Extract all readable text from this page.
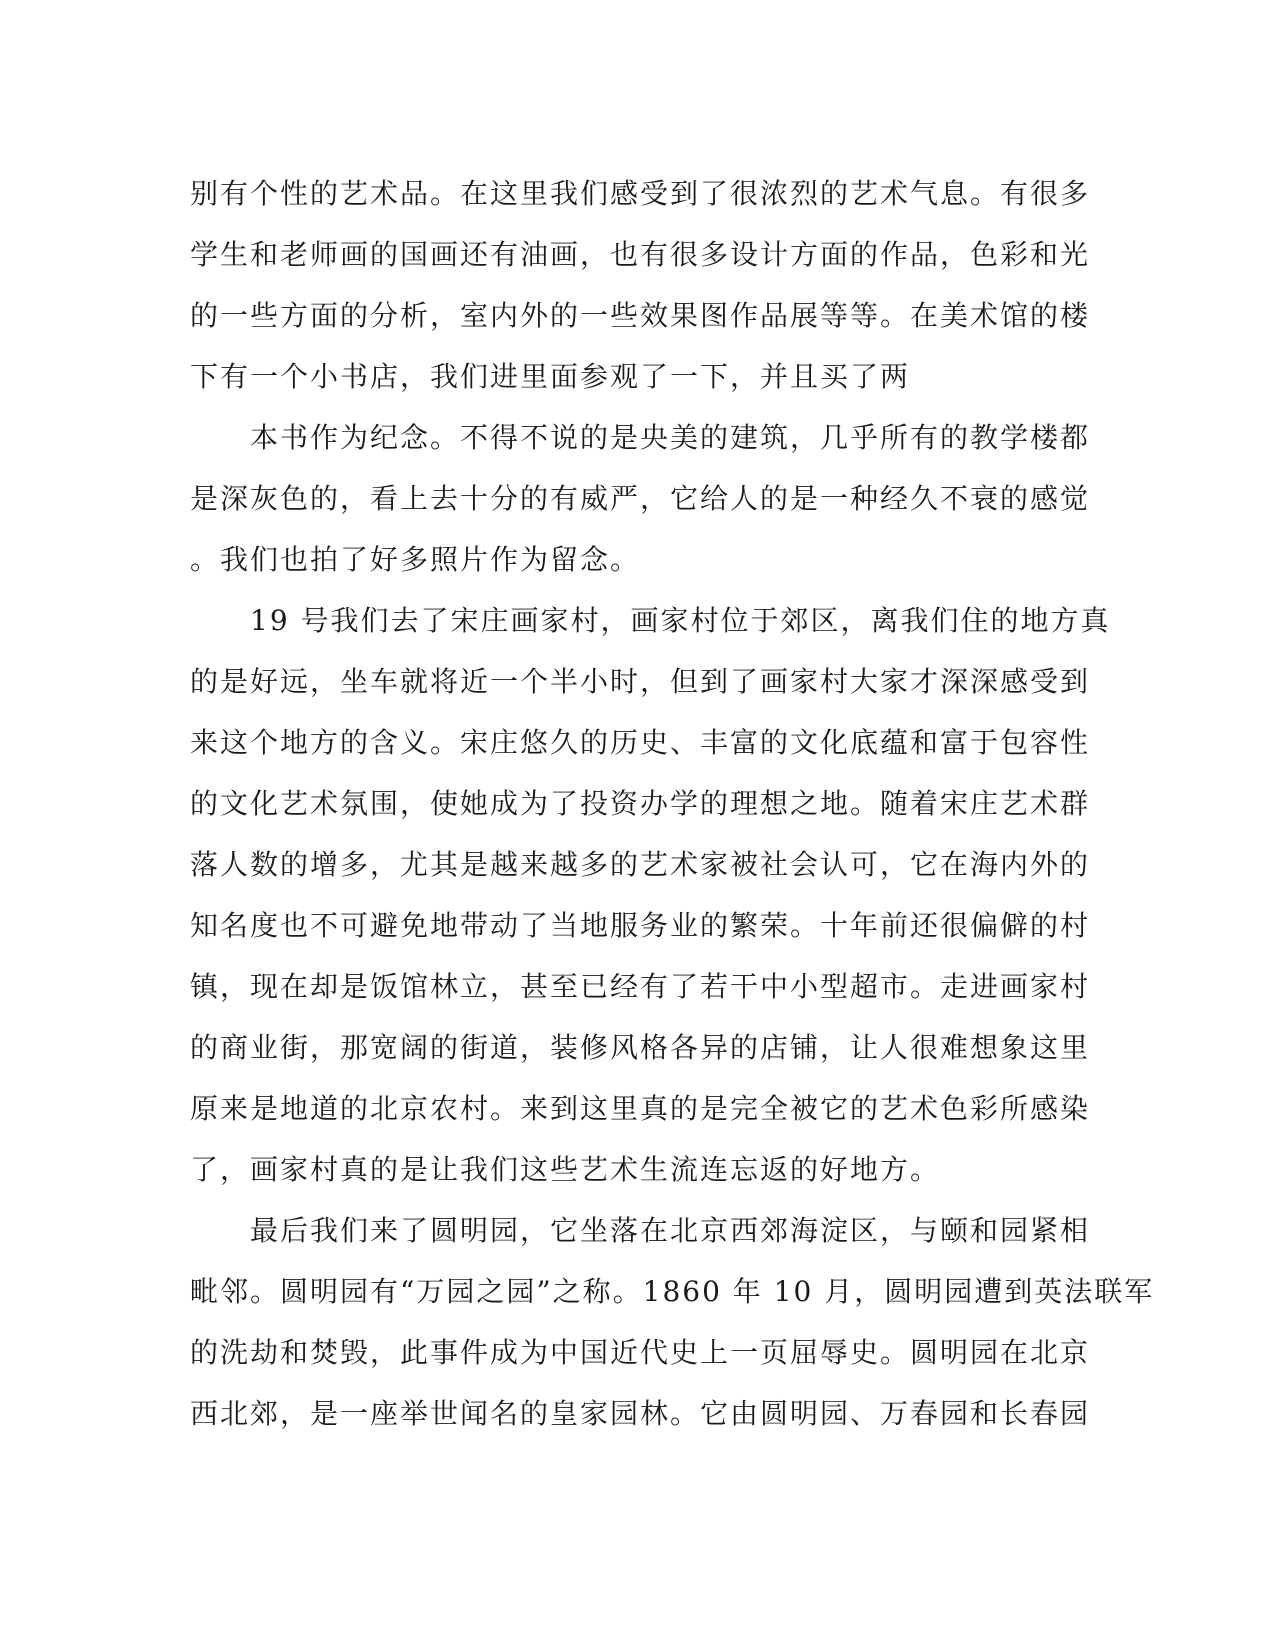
别有个性的艺术品。在这里我们感受到了很浓烈的艺术气息。有很多
学生和老师画的国画还有油画，也有很多设计方面的作品，色彩和光
的一些方面的分析，室内外的一些效果图作品展等等。在美术馆的楼
下有一个小书店，我们进里面参观了一下，并且买了两
本书作为纪念。不得不说的是央美的建筑，几乎所有的教学楼都
是深灰色的，看上去十分的有威严，它给人的是一种经久不衰的感觉
。我们也拍了好多照片作为留念。
19 号我们去了宋庄画家村，画家村位于郊区，离我们住的地方真
的是好远，坐车就将近一个半小时，但到了画家村大家才深深感受到
来这个地方的含义。宋庄悠久的历史、丰富的文化底蕴和富于包容性
的文化艺术氛围，使她成为了投资办学的理想之地。随着宋庄艺术群
落人数的增多，尤其是越来越多的艺术家被社会认可，它在海内外的
知名度也不可避免地带动了当地服务业的繁荣。十年前还很偏僻的村
镇，现在却是饭馆林立，甚至已经有了若干中小型超市。走进画家村
的商业街，那宽阔的街道，装修风格各异的店铺，让人很难想象这里
原来是地道的北京农村。来到这里真的是完全被它的艺术色彩所感染
了，画家村真的是让我们这些艺术生流连忘返的好地方。
最后我们来了圆明园，它坐落在北京西郊海淀区，与颐和园紧相
毗邻。圆明园有“万园之园”之称。1860 年 10 月，圆明园遭到英法联军
的洗劫和焚毁，此事件成为中国近代史上一页屈辱史。圆明园在北京
西北郊，是一座举世闻名的皇家园林。它由圆明园、万春园和长春园
